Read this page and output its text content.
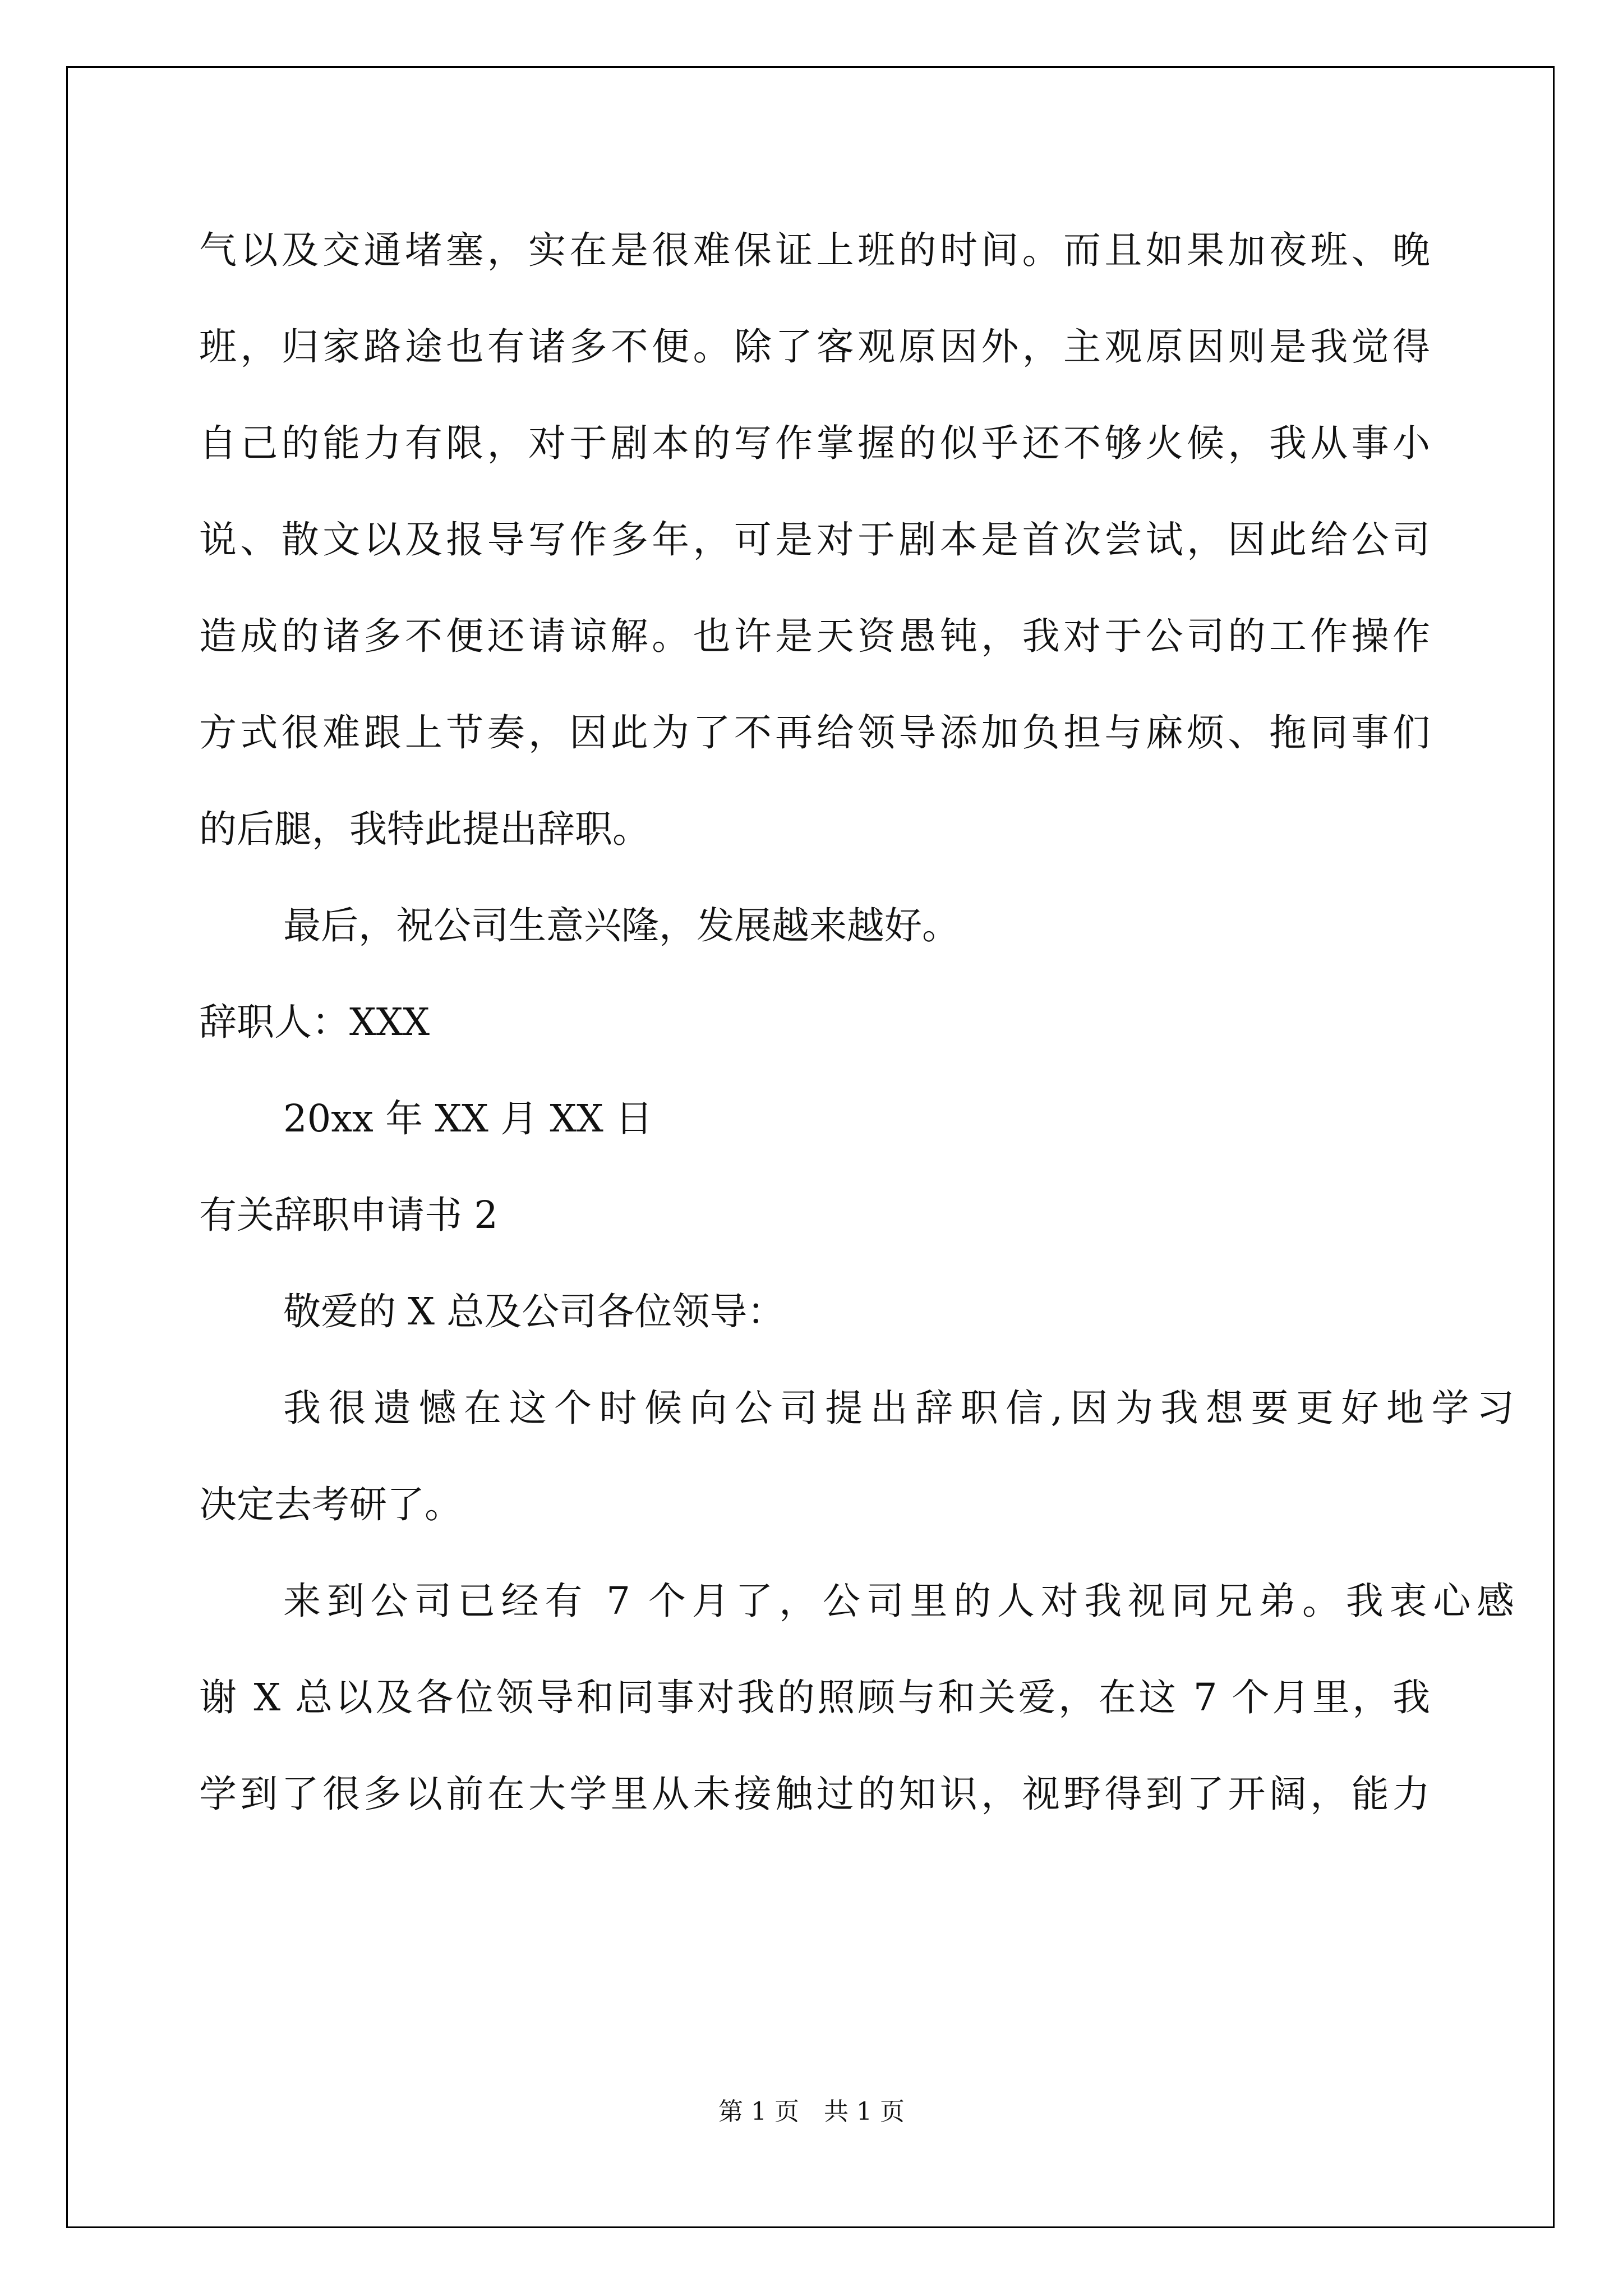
气以及交通堵塞，实在是很难保证上班的时间。而且如果加夜班、晚
班，归家路途也有诸多不便。除了客观原因外，主观原因则是我觉得
自己的能力有限，对于剧本的写作掌握的似乎还不够火候，我从事小
说、散文以及报导写作多年，可是对于剧本是首次尝试，因此给公司
造成的诸多不便还请谅解。也许是天资愚钝，我对于公司的工作操作
方式很难跟上节奏，因此为了不再给领导添加负担与麻烦、拖同事们
的后腿，我特此提出辞职。
最后，祝公司生意兴隆，发展越来越好。
辞职人：XXX
20xx 年 XX 月 XX 日
有关辞职申请书 2
敬爱的 X 总及公司各位领导：
我很遗憾在这个时候向公司提出辞职信,因为我想要更好地学习
决定去考研了。
来到公司已经有 7 个月了，公司里的人对我视同兄弟。我衷心感
谢 X 总以及各位领导和同事对我的照顾与和关爱，在这 7 个月里，我
学到了很多以前在大学里从未接触过的知识，视野得到了开阔，能力
第 1 页　共 1 页
